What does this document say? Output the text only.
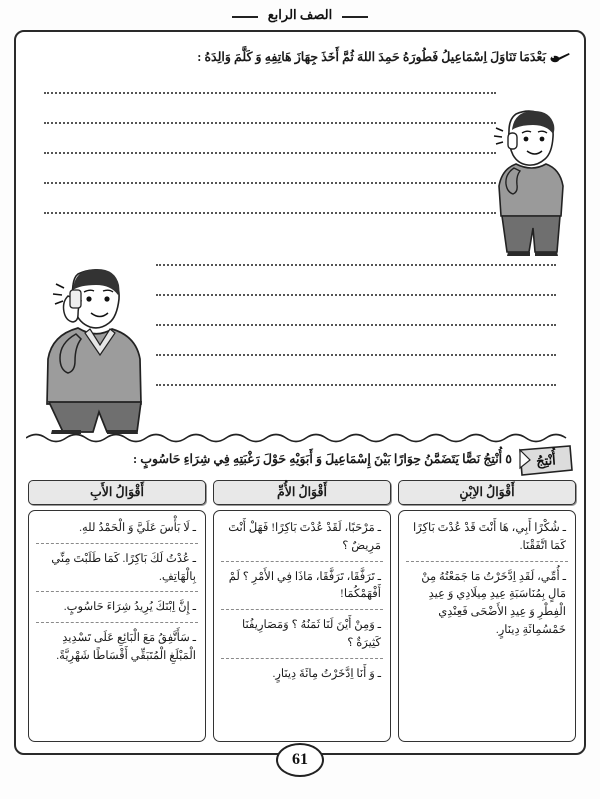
الصف الرابع
بَعْدَمَا تَنَاوَلَ اِسْمَاعِيلُ فَطُورَهُ حَمِدَ اللهَ ثُمَّ أَخَذَ جِهَازَ هَاتِفِهِ وَ كَلَّمَ وَالِدَهُ :
أُنْتِجُ
٥ أُنْتِجُ نَصًّا يَتَضَمَّنُ حِوَارًا بَيْنَ إِسْمَاعِيلَ وَ أَبَوَيْهِ حَوْلَ رَغْبَتِهِ فِي شِرَاءِ حَاسُوبٍ :
أَقْوَالُ الأَبِ
ـ لَا بَأْسَ عَلَيَّ وَ الْحَمْدُ للهِ.
ـ عُدْتُ لَكَ بَاكِرًا. كَمَا طَلَبْتَ مِنِّي بِالْهَاتِفِ.
ـ إِنَّ اِبْنَكَ يُرِيدُ شِرَاءَ حَاسُوبٍ.
ـ سَأَتَّفِقُ مَعَ الْبَائِعِ عَلَى تَسْدِيدِ الْمَبْلَغِ الْمُتَبَقِّي أَقْسَاطًا شَهْرِيَّةً.
أَقْوَالُ الأُمِّ
ـ مَرْحَبًا، لَقَدْ عُدْتَ بَاكِرًا! فَهَلْ أَنْتَ مَرِيضٌ ؟
ـ تَرَفَّقَا، تَرَفَّقَا، مَاذَا فِي الأَمْرِ ؟ لَمْ أَفْهَمْكُمَا!
ـ وَمِنْ أَيْنَ لَنَا ثَمَنُهُ ؟ وَمَصَارِيفُنَا كَثِيرَةٌ ؟
ـ وَ أَنَا اِدَّخَرْتُ مِائَةَ دِينَارٍ.
أَقْوَالُ الاِبْنِ
ـ شُكْرًا أَبِي، هَا أَنْتَ قَدْ عُدْتَ بَاكِرًا كَمَا اتَّفَقْنَا.
ـ أُمِّي، لَقَدِ اِدَّخَرْتُ مَا جَمَعْتُهُ مِنْ مَالٍ بِمُنَاسَبَةِ عِيدِ مِيلَادِي وَ عِيدِ الْفِطْرِ وَ عِيدِ الأَضْحَى فَعِنْدِي خَمْسُمِائَةِ دِينَارٍ.
61
